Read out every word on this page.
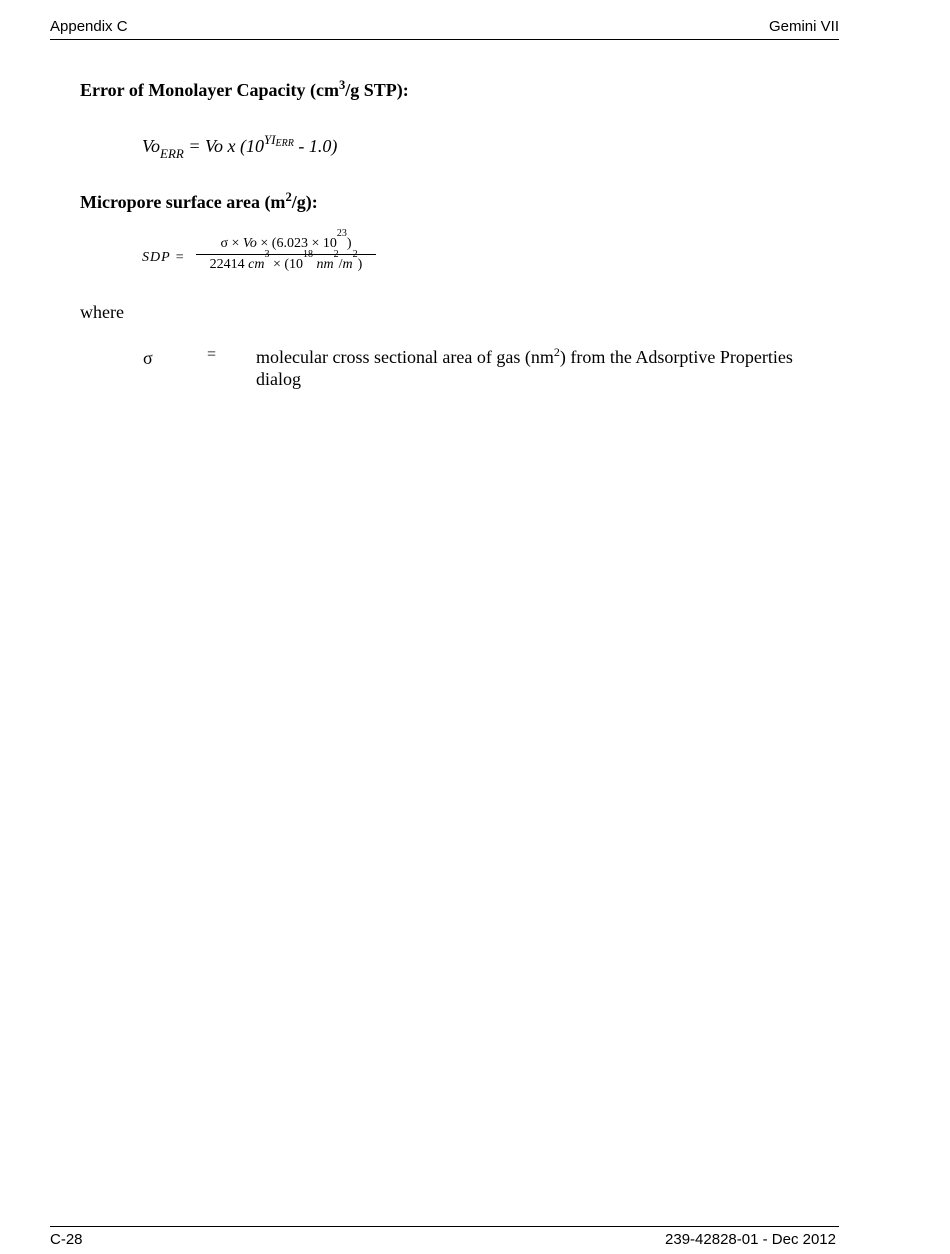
Appendix C	Gemini VII
Error of Monolayer Capacity ($cm^3/g$ STP):
$Vo_{ERR} = Vo$ x $(10^{YIERR} - 1.0)$
Micropore surface area $(m^2/g)$:
SDP =
$\sigma \times Vo \times (6.023 \times 10^{23})$
22414 $cm^3 \times (10^{18}$ $nm^2/m^2$)
where
σ	= molecular cross sectional area of gas $(nm^2)$ from the Adsorptive Properties dialog
C-28	239-42828-01 - Dec 2012
